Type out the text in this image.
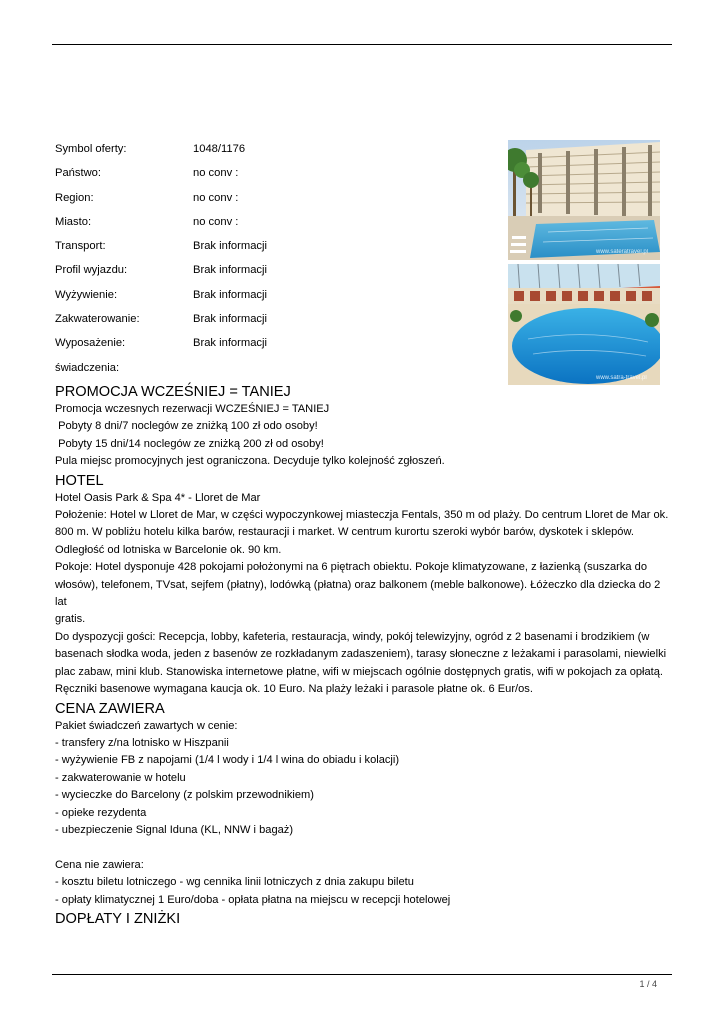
Symbol oferty:	1048/1176
Państwo:	no conv :
Region:	no conv :
Miasto:	no conv :
Transport:	Brak informacji
Profil wyjazdu:	Brak informacji
Wyżywienie:	Brak informacji
Zakwaterowanie:	Brak informacji
Wyposażenie:	Brak informacji
świadczenia:
www.sateratravel.pl
www.satra-travel.pl
PROMOCJA WCZEŚNIEJ = TANIEJ

Promocja wczesnych rezerwacji WCZEŚNIEJ = TANIEJ

Pobyty 8 dni/7 noclegów ze zniżką 100 zł odo osoby!

Pobyty 15 dni/14 noclegów ze zniżką 200 zł od osoby!

Pula miejsc promocyjnych jest ograniczona. Decyduje tylko kolejność zgłoszeń.

HOTEL

Hotel Oasis Park & Spa 4* - Lloret de Mar

Położenie: Hotel w Lloret de Mar, w części wypoczynkowej miasteczja Fentals, 350 m od plaży. Do centrum Lloret de Mar ok.

800 m. W pobliżu hotelu kilka barów, restauracji i market. W centrum kurortu szeroki wybór barów, dyskotek i sklepów.

Odległość od lotniska w Barcelonie ok. 90 km.

Pokoje: Hotel dysponuje 428 pokojami położonymi na 6 piętrach obiektu. Pokoje klimatyzowane, z łazienką (suszarka do

włosów), telefonem, TVsat, sejfem (płatny), lodówką (płatna) oraz balkonem (meble balkonowe). Łóżeczko dla dziecka do 2 lat

gratis.

Do dyspozycji gości: Recepcja, lobby, kafeteria, restauracja, windy, pokój telewizyjny, ogród z 2 basenami i brodzikiem (w

basenach słodka woda, jeden z basenów ze rozkładanym zadaszeniem), tarasy słoneczne z leżakami i parasolami, niewielki

plac zabaw, mini klub. Stanowiska internetowe płatne, wifi w miejscach ogólnie dostępnych gratis, wifi w pokojach za opłatą.

Ręczniki basenowe wymagana kaucja ok. 10 Euro. Na plaży leżaki i parasole płatne ok. 6 Eur/os.

CENA ZAWIERA

Pakiet świadczeń zawartych w cenie:

- transfery z/na lotnisko w Hiszpanii

- wyżywienie FB z napojami (1/4 l wody i 1/4 l wina do obiadu i kolacji)

- zakwaterowanie w hotelu

- wycieczke do Barcelony (z polskim przewodnikiem)

- opieke rezydenta

- ubezpieczenie Signal Iduna (KL, NNW i bagaż)

Cena nie zawiera:

- kosztu biletu lotniczego - wg cennika linii lotniczych z dnia zakupu biletu

- opłaty klimatycznej 1 Euro/doba - opłata płatna na miejscu w recepcji hotelowej

DOPŁATY I ZNIŻKI
1 / 4
